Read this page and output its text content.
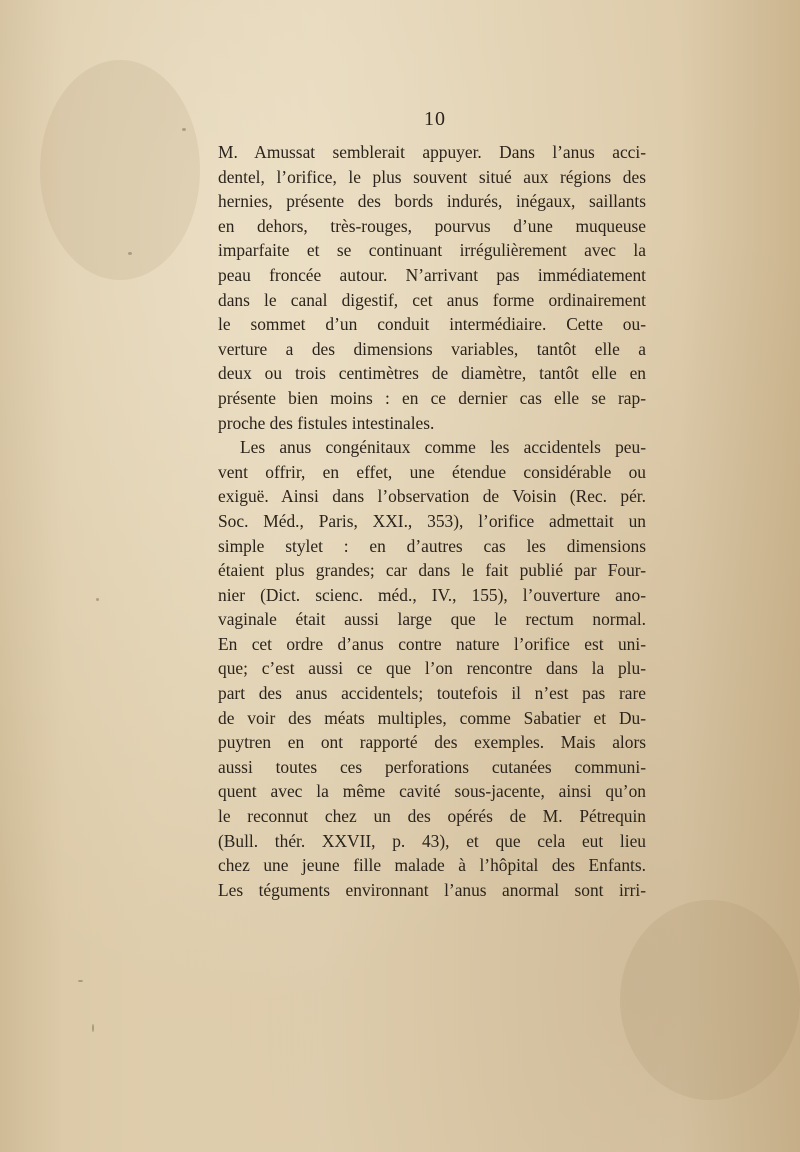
10
M. Amussat semblerait appuyer. Dans l’anus acci-
dentel, l’orifice, le plus souvent situé aux régions des
hernies, présente des bords indurés, inégaux, saillants
en dehors, très-rouges, pourvus d’une muqueuse
imparfaite et se continuant irrégulièrement avec la
peau froncée autour. N’arrivant pas immédiatement
dans le canal digestif, cet anus forme ordinairement
le sommet d’un conduit intermédiaire. Cette ou-
verture a des dimensions variables, tantôt elle a
deux ou trois centimètres de diamètre, tantôt elle en
présente bien moins : en ce dernier cas elle se rap-
proche des fistules intestinales.
Les anus congénitaux comme les accidentels peu-
vent offrir, en effet, une étendue considérable ou
exiguë. Ainsi dans l’observation de Voisin (Rec. pér.
Soc. Méd., Paris, XXI., 353), l’orifice admettait un
simple stylet : en d’autres cas les dimensions
étaient plus grandes; car dans le fait publié par Four-
nier (Dict. scienc. méd., IV., 155), l’ouverture ano-
vaginale était aussi large que le rectum normal.
En cet ordre d’anus contre nature l’orifice est uni-
que; c’est aussi ce que l’on rencontre dans la plu-
part des anus accidentels; toutefois il n’est pas rare
de voir des méats multiples, comme Sabatier et Du-
puytren en ont rapporté des exemples. Mais alors
aussi toutes ces perforations cutanées communi-
quent avec la même cavité sous-jacente, ainsi qu’on
le reconnut chez un des opérés de M. Pétrequin
(Bull. thér. XXVII, p. 43), et que cela eut lieu
chez une jeune fille malade à l’hôpital des Enfants.
Les téguments environnant l’anus anormal sont irri-
